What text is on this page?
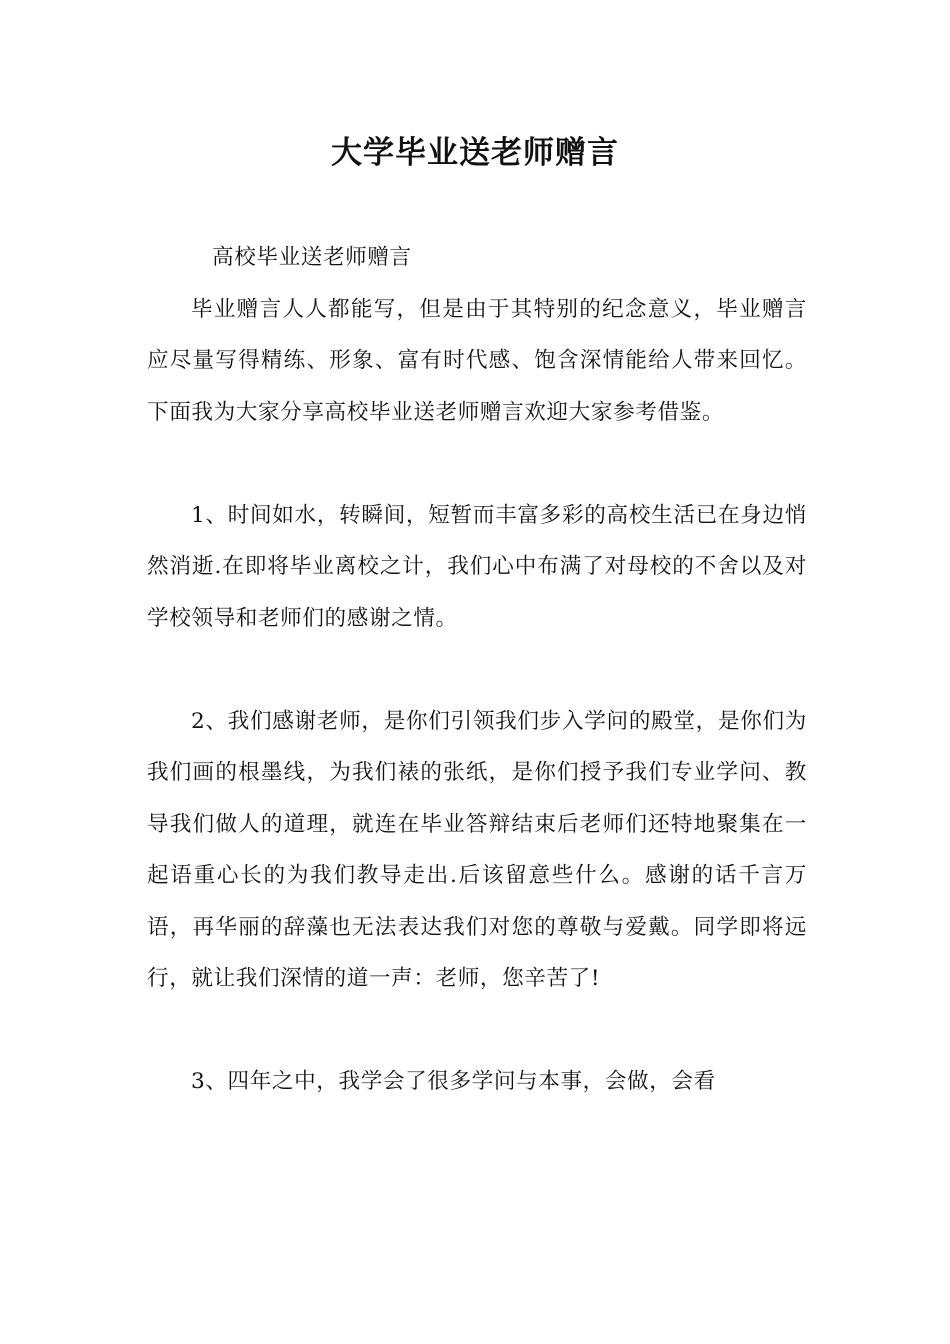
大学毕业送老师赠言

高校毕业送老师赠言

毕业赠言人人都能写，但是由于其特别的纪念意义，毕业赠言应尽量写得精练、形象、富有时代感、饱含深情能给人带来回忆。下面我为大家分享高校毕业送老师赠言欢迎大家参考借鉴。

1、时间如水，转瞬间，短暂而丰富多彩的高校生活已在身边悄然消逝.在即将毕业离校之计，我们心中布满了对母校的不舍以及对学校领导和老师们的感谢之情。

2、我们感谢老师，是你们引领我们步入学问的殿堂，是你们为我们画的根墨线，为我们裱的张纸，是你们授予我们专业学问、教导我们做人的道理，就连在毕业答辩结束后老师们还特地聚集在一起语重心长的为我们教导走出.后该留意些什么。感谢的话千言万语，再华丽的辞藻也无法表达我们对您的尊敬与爱戴。同学即将远行，就让我们深情的道一声：老师，您辛苦了!

3、四年之中，我学会了很多学问与本事，会做，会看
